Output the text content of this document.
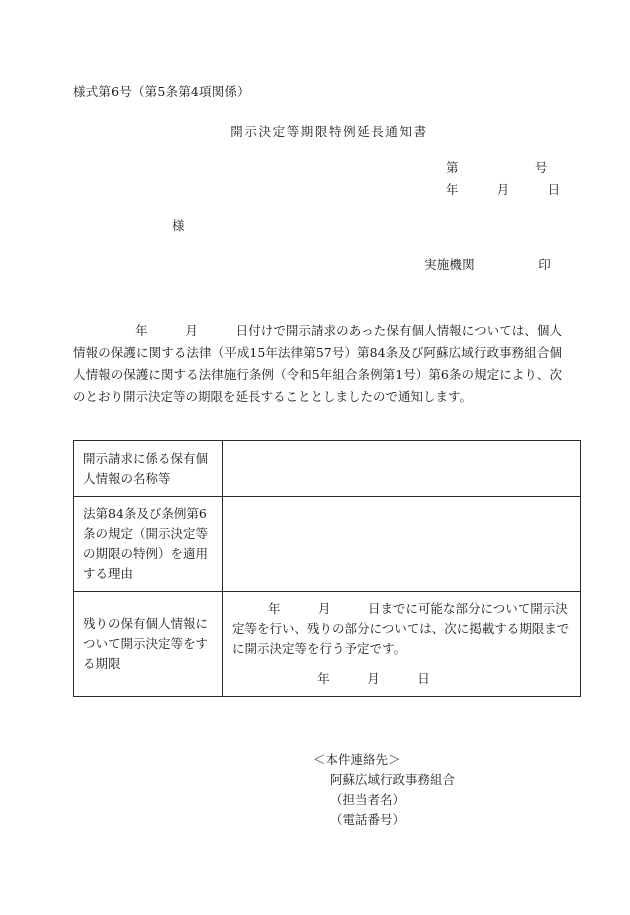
様式第6号（第5条第4項関係）
開示決定等期限特例延長通知書
第　　　　　　号
年　　　月　　　日
様
実施機関　　　　　印
年　　　月　　　日付けで開示請求のあった保有個人情報については、個人情報の保護に関する法律（平成15年法律第57号）第84条及び阿蘇広域行政事務組合個人情報の保護に関する法律施行条例（令和5年組合条例第1号）第6条の規定により、次のとおり開示決定等の期限を延長することとしましたので通知します。
開示請求に係る保有個人情報の名称等	
法第84条及び条例第6条の規定（開示決定等の期限の特例）を適用する理由	
残りの保有個人情報について開示決定等をする期限	年　　　月　　　日までに可能な部分について開示決定等を行い、残りの部分については、次に掲載する期限までに開示決定等を行う予定です。
年　　　月　　　日
＜本件連絡先＞
阿蘇広域行政事務組合
（担当者名）
（電話番号）
